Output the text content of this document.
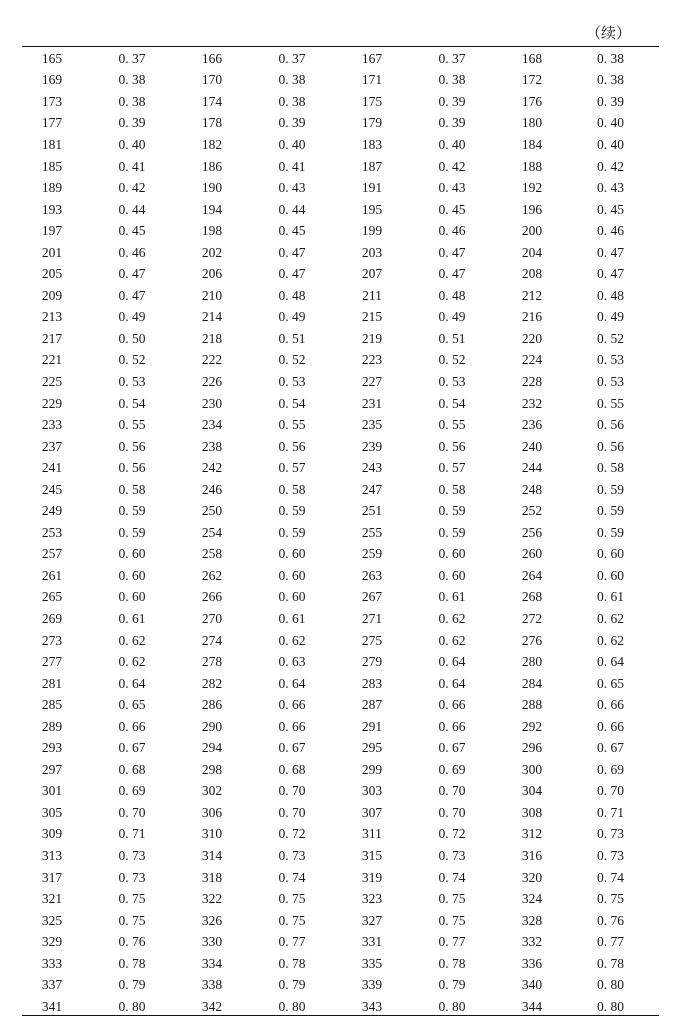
（续）
165	0. 37	166	0. 37	167	0. 37	168	0. 38
169	0. 38	170	0. 38	171	0. 38	172	0. 38
173	0. 38	174	0. 38	175	0. 39	176	0. 39
177	0. 39	178	0. 39	179	0. 39	180	0. 40
181	0. 40	182	0. 40	183	0. 40	184	0. 40
185	0. 41	186	0. 41	187	0. 42	188	0. 42
189	0. 42	190	0. 43	191	0. 43	192	0. 43
193	0. 44	194	0. 44	195	0. 45	196	0. 45
197	0. 45	198	0. 45	199	0. 46	200	0. 46
201	0. 46	202	0. 47	203	0. 47	204	0. 47
205	0. 47	206	0. 47	207	0. 47	208	0. 47
209	0. 47	210	0. 48	211	0. 48	212	0. 48
213	0. 49	214	0. 49	215	0. 49	216	0. 49
217	0. 50	218	0. 51	219	0. 51	220	0. 52
221	0. 52	222	0. 52	223	0. 52	224	0. 53
225	0. 53	226	0. 53	227	0. 53	228	0. 53
229	0. 54	230	0. 54	231	0. 54	232	0. 55
233	0. 55	234	0. 55	235	0. 55	236	0. 56
237	0. 56	238	0. 56	239	0. 56	240	0. 56
241	0. 56	242	0. 57	243	0. 57	244	0. 58
245	0. 58	246	0. 58	247	0. 58	248	0. 59
249	0. 59	250	0. 59	251	0. 59	252	0. 59
253	0. 59	254	0. 59	255	0. 59	256	0. 59
257	0. 60	258	0. 60	259	0. 60	260	0. 60
261	0. 60	262	0. 60	263	0. 60	264	0. 60
265	0. 60	266	0. 60	267	0. 61	268	0. 61
269	0. 61	270	0. 61	271	0. 62	272	0. 62
273	0. 62	274	0. 62	275	0. 62	276	0. 62
277	0. 62	278	0. 63	279	0. 64	280	0. 64
281	0. 64	282	0. 64	283	0. 64	284	0. 65
285	0. 65	286	0. 66	287	0. 66	288	0. 66
289	0. 66	290	0. 66	291	0. 66	292	0. 66
293	0. 67	294	0. 67	295	0. 67	296	0. 67
297	0. 68	298	0. 68	299	0. 69	300	0. 69
301	0. 69	302	0. 70	303	0. 70	304	0. 70
305	0. 70	306	0. 70	307	0. 70	308	0. 71
309	0. 71	310	0. 72	311	0. 72	312	0. 73
313	0. 73	314	0. 73	315	0. 73	316	0. 73
317	0. 73	318	0. 74	319	0. 74	320	0. 74
321	0. 75	322	0. 75	323	0. 75	324	0. 75
325	0. 75	326	0. 75	327	0. 75	328	0. 76
329	0. 76	330	0. 77	331	0. 77	332	0. 77
333	0. 78	334	0. 78	335	0. 78	336	0. 78
337	0. 79	338	0. 79	339	0. 79	340	0. 80
341	0. 80	342	0. 80	343	0. 80	344	0. 80
